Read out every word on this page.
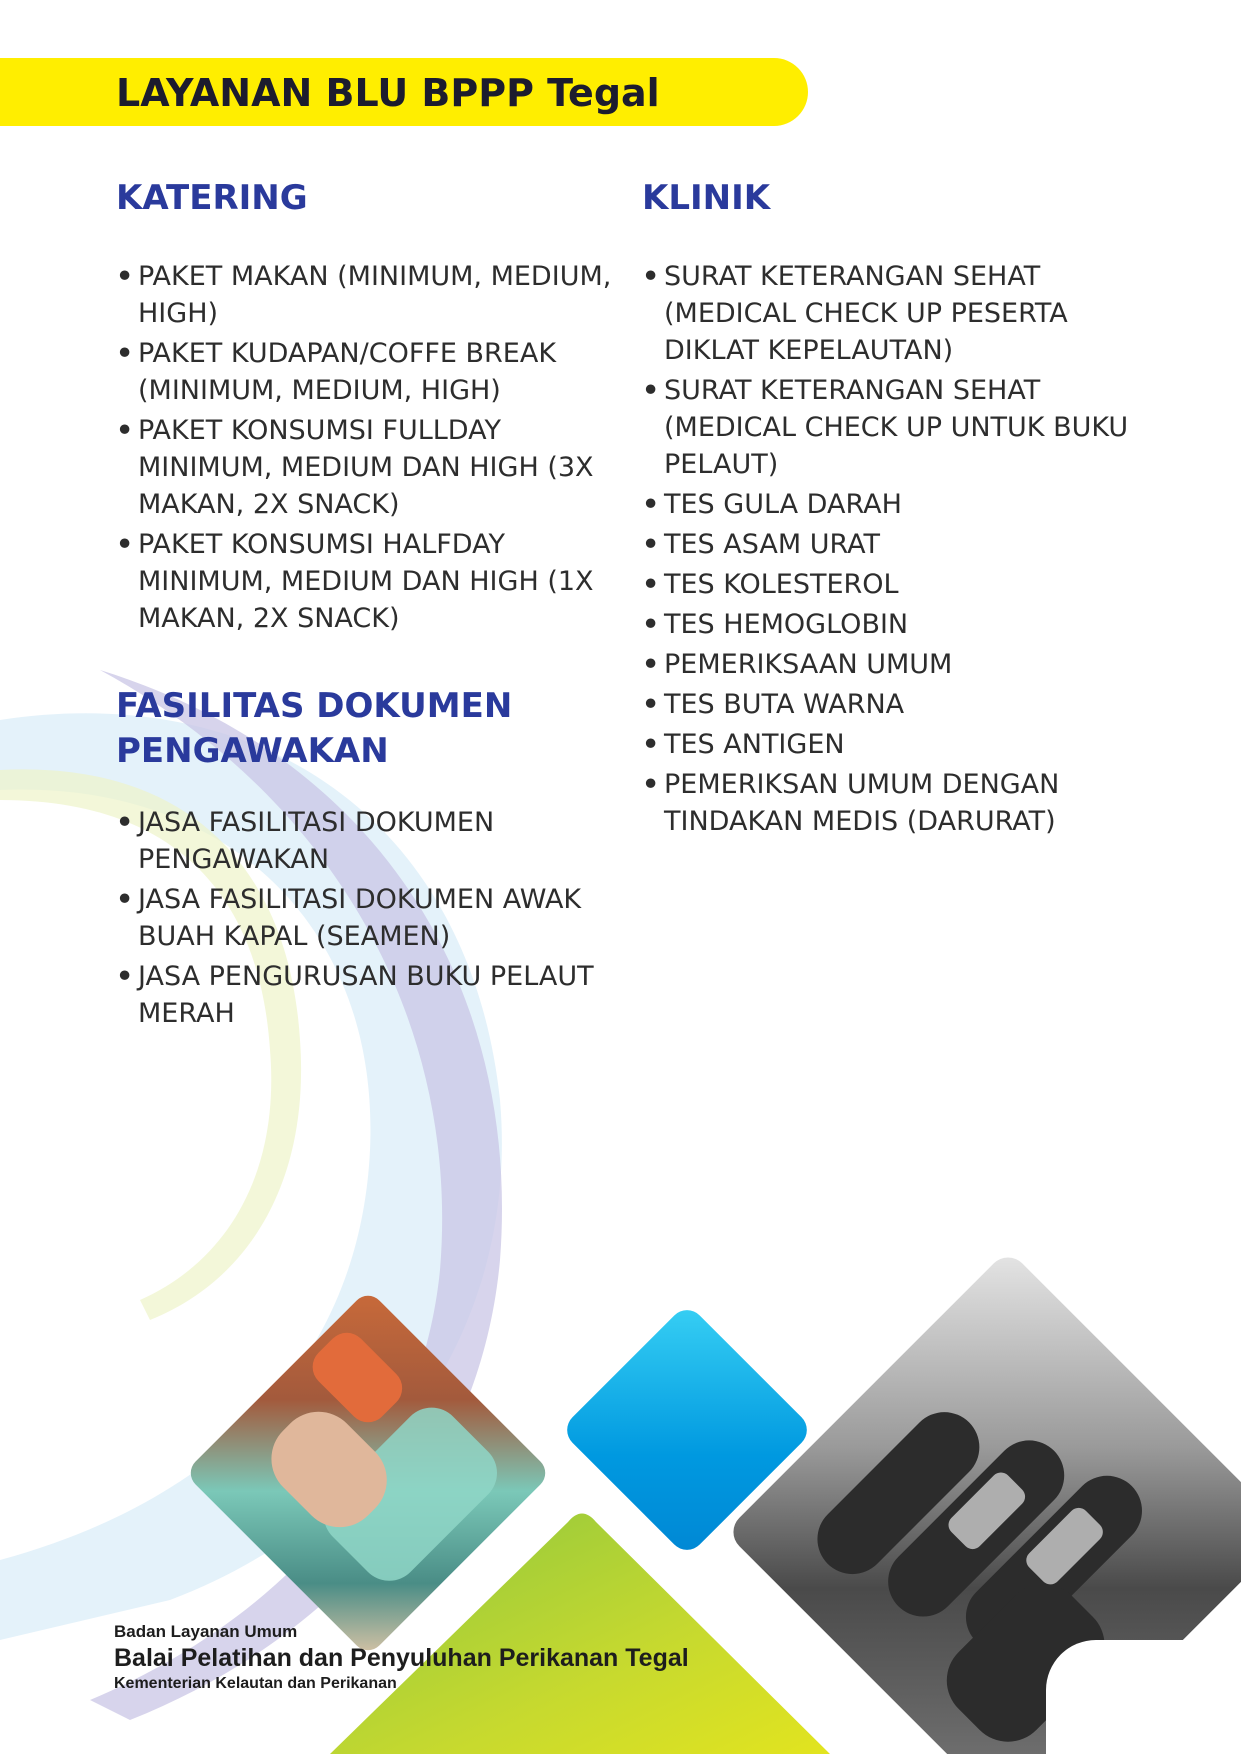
LAYANAN BLU BPPP Tegal
KATERING
• PAKET MAKAN (MINIMUM, MEDIUM, HIGH)
• PAKET KUDAPAN/COFFE BREAK (MINIMUM, MEDIUM, HIGH)
• PAKET KONSUMSI FULLDAY MINIMUM, MEDIUM DAN HIGH (3X MAKAN, 2X SNACK)
• PAKET KONSUMSI HALFDAY MINIMUM, MEDIUM DAN HIGH (1X MAKAN, 2X SNACK)
FASILITAS DOKUMEN
PENGAWAKAN
• JASA FASILITASI DOKUMEN PENGAWAKAN
• JASA FASILITASI DOKUMEN AWAK BUAH KAPAL (SEAMEN)
• JASA PENGURUSAN BUKU PELAUT MERAH
KLINIK
• SURAT KETERANGAN SEHAT (MEDICAL CHECK UP PESERTA DIKLAT KEPELAUTAN)
• SURAT KETERANGAN SEHAT (MEDICAL CHECK UP UNTUK BUKU PELAUT)
• TES GULA DARAH
• TES ASAM URAT
• TES KOLESTEROL
• TES HEMOGLOBIN
• PEMERIKSAAN UMUM
• TES BUTA WARNA
• TES ANTIGEN
• PEMERIKSAN UMUM DENGAN TINDAKAN MEDIS (DARURAT)

Badan Layanan Umum

Balai Pelatihan dan Penyuluhan Perikanan Tegal

Kementerian Kelautan dan Perikanan
